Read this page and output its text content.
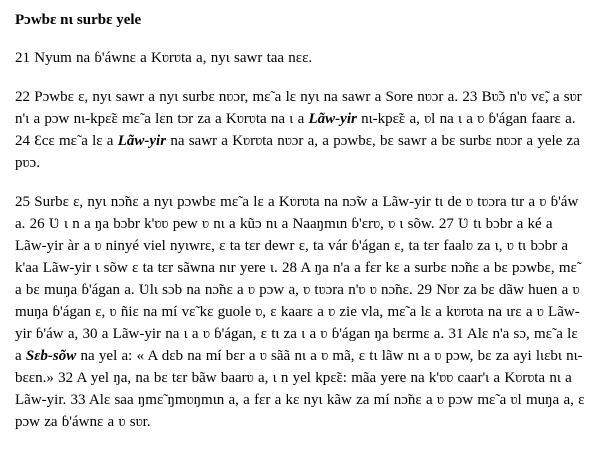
Pɔwbɛ nɩ surbɛ yele
21 Nyum na ɓ'áwnɛ a Kʋrʋta a, nyɩ sawr taa nɛɛ.
22 Pɔwbɛ ɛ, nyɩ sawr a nyɩ surbɛ nʋɔr, mɛ̃ a lɛ nyɩ na sawr a Sore nʋɔr a. 23 Bʋ̃ɔ n'ʋ vɛ̃, a sʋr n'ɩ a pɔw nɩ-kpɛ̃ɛ mɛ̃ a lɛn tɔr za a Kʋrʋta na ɩ a Lãw-yir nɩ-kpɛ̃ɛ a, ʋl na ɩ a ʋ ɓ'ágan faarɛ a. 24 Ɛcɛ mɛ̃ a lɛ a Lãw-yir na sawr a Kʋrʋta nʋɔr a, a pɔwbɛ, bɛ sawr a bɛ surbɛ nʋɔr a yele za pʋɔ.
25 Surbɛ ɛ, nyɩ nɔ̃nɛ a nyɩ pɔwbɛ mɛ̃ a lɛ a Kʋrʋta na nɔ̃w a Lãw-yir tɩ de ʋ tʋɔra tɩr a ʋ ɓ'áw a. 26 Ʋ ɩ n a ŋa bɔbr k'ʋʋ pew ʋ nɩ a kũɔ nɩ a Naaŋmɩn ɓ'ɛrʋ, ʋ ɩ sõw. 27 Ʋ tɩ bɔbr a ké a Lãw-yir àr a ʋ ninyé viel nyɩwrɛ, ɛ ta tɛr dewr ɛ, ta vár ɓ'ágan ɛ, ta tɛr faalʋ za ɩ, ʋ tɩ bɔbr a k'aa Lãw-yir ɩ sõw ɛ ta tɛr sãwna nɩr yere ɩ. 28 A ŋa n'a a fɛr kɛ a surbɛ nɔ̃nɛ a bɛ pɔwbɛ, mɛ̃ a bɛ muŋa ɓ'ágan a. Ʋlɩ sɔb na nɔ̃nɛ a ʋ pɔw a, ʋ tʋɔra n'ʋ ʋ nɔ̃nɛ. 29 Nʋr za bɛ dãw huen a ʋ muŋa ɓ'ágan ɛ, ʋ ñiɛ na mí vɛ̃ kɛ guole ʋ, ɛ kaarɛ a ʋ zie vla, mɛ̃ a lɛ a kʋrʋta na ɩrɛ a ʋ Lãw-yir ɓ'áw a, 30 a Lãw-yir na ɩ a ʋ ɓ'ágan, ɛ tɩ za ɩ a ʋ ɓ'ágan ŋa bɛrmɛ a. 31 Alɛ n'a sɔ, mɛ̃ a lɛ a Sɛb-sõw na yel a: « A dɛb na mí bɛr a ʋ sãã nɩ a ʋ mã, ɛ tɩ lãw nɩ a ʋ pɔw, bɛ za ayi lɩɛbɩ nɩ-bɛɛn.» 32 A yel ŋa, na bɛ tɛr bãw baarʋ a, ɩ n yel kpɛ̃ɛ: mãa yere na k'ʋʋ caar'ɩ a Kʋrʋta nɩ a Lãw-yir. 33 Alɛ saa ŋmɛ̃ ŋmʋŋmɩn a, a fɛr a kɛ nyɩ kãw za mí nɔ̃nɛ a ʋ pɔw mɛ̃ a ʋl muŋa a, ɛ pɔw za ɓ'áwnɛ a ʋ sʋr.
